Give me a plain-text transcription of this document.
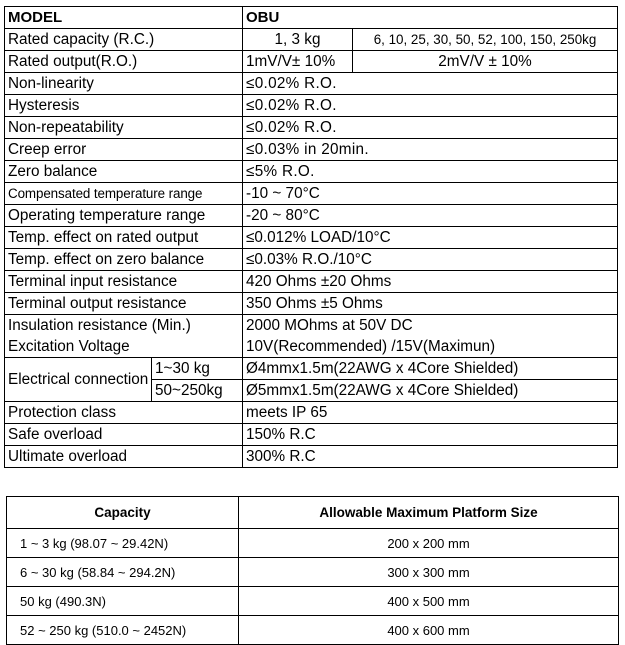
MODEL		OBU	
Rated capacity (R.C.)		1, 3 kg	6, 10, 25, 30, 50, 52, 100, 150, 250kg
Rated output(R.O.)		1mV/V± 10%	2mV/V ± 10%
Non-linearity		≤0.02% R.O.	
Hysteresis		≤0.02% R.O.	
Non-repeatability		≤0.02% R.O.	
Creep error		≤0.03% in 20min.	
Zero balance		≤5% R.O.	
Compensated temperature range		-10 ~ 70°C	
Operating temperature range		-20 ~ 80°C	
Temp. effect on rated output		≤0.012% LOAD/10°C	
Temp. effect on zero balance		≤0.03% R.O./10°C	
Terminal input resistance		420 Ohms ±20 Ohms	
Terminal output resistance		350 Ohms ±5 Ohms	
Insulation resistance (Min.)		2000 MOhms at 50V DC	
Excitation Voltage		10V(Recommended) /15V(Maximun)	
Electrical connection	1~30 kg	Ø4mmx1.5m(22AWG x 4Core Shielded)	
	50~250kg	Ø5mmx1.5m(22AWG x 4Core Shielded)	
Protection class		meets IP 65	
Safe overload		150% R.C	
Ultimate overload		300% R.C	
Capacity	Allowable Maximum Platform Size
1 ~ 3 kg (98.07 ~ 29.42N)	200 x 200 mm
6 ~ 30 kg (58.84 ~ 294.2N)	300 x 300 mm
50 kg (490.3N)	400 x 500 mm
52 ~ 250 kg (510.0 ~ 2452N)	400 x 600 mm
